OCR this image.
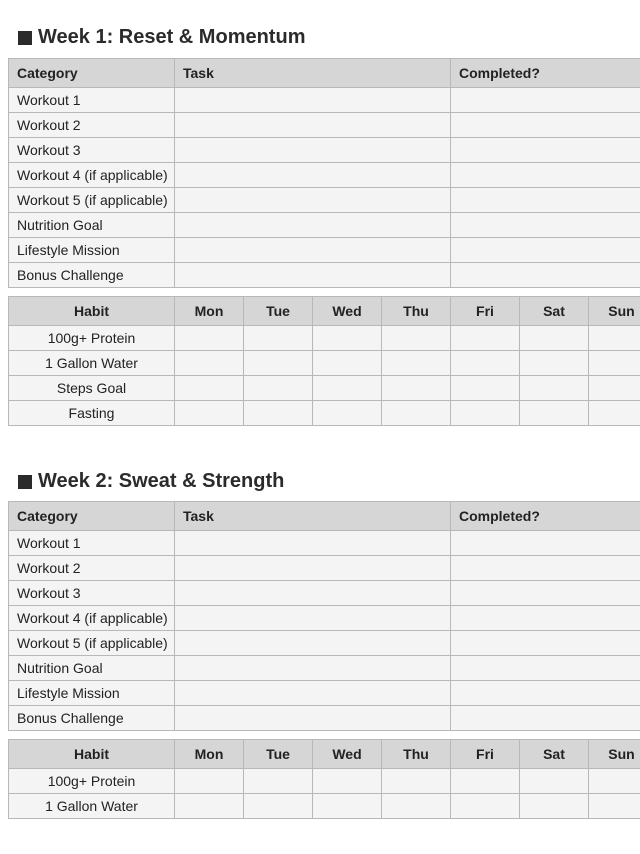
Week 1: Reset & Momentum
Category	Task	Completed?
Workout 1		
Workout 2		
Workout 3		
Workout 4 (if applicable)		
Workout 5 (if applicable)		
Nutrition Goal		
Lifestyle Mission		
Bonus Challenge		
Habit	Mon	Tue	Wed	Thu	Fri	Sat	Sun
100g+ Protein							
1 Gallon Water							
Steps Goal							
Fasting							
Week 2: Sweat & Strength
Category	Task	Completed?
Workout 1		
Workout 2		
Workout 3		
Workout 4 (if applicable)		
Workout 5 (if applicable)		
Nutrition Goal		
Lifestyle Mission		
Bonus Challenge		
Habit	Mon	Tue	Wed	Thu	Fri	Sat	Sun
100g+ Protein							
1 Gallon Water							
